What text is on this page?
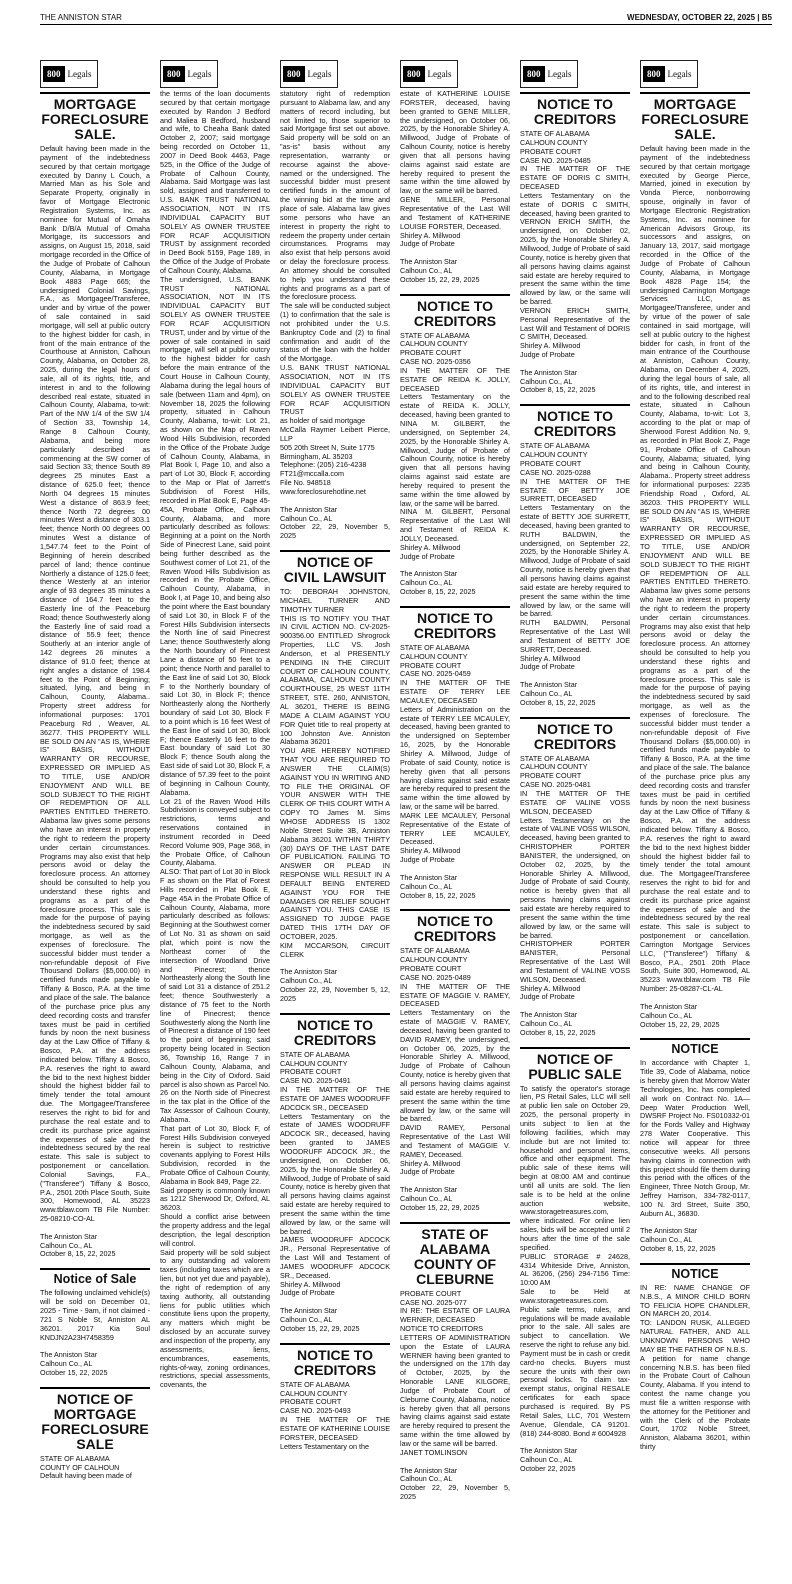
THE ANNISTON STAR	WEDNESDAY, OCTOBER 22, 2025 | B5
800 Legals	800 Legals	800 Legals	800 Legals	800 Legals	800 Legals
MORTGAGE FORECLOSURE SALE.
Default having been made in the payment of the indebtedness secured by that certain mortgage executed by Danny L Couch, a Married Man as his Sole and Separate Property, originally in favor of Mortgage Electronic Registration Systems, Inc. as nominee for Mutual of Omaha Bank D/B/A Mutual of Omaha Mortgage, its successors and assigns, on August 15, 2018, said mortgage recorded in the Office of the Judge of Probate of Calhoun County, Alabama, in Mortgage Book 4883 Page 665; the undersigned Colonial Savings, F.A., as Mortgagee/Transferee, under and by virtue of the power of sale contained in said mortgage, will sell at public outcry to the highest bidder for cash, in front of the main entrance of the Courthouse at Anniston, Calhoun County, Alabama, on October 28, 2025, during the legal hours of sale, all of its rights, title, and interest in and to the following described real estate, situated in Calhoun County, Alabama, to-wit: Part of the NW 1/4 of the SW 1/4 of Section 33, Township 14, Range 8 Calhoun County, Alabama, and being more particularly described as commencing at the SW corner of said Section 33; thence South 89 degrees 25 minutes East a distance of 625.0 feet; thence North 04 degrees 15 minutes West a distance of 863.9 feet; thence North 72 degrees 00 minutes West a distance of 303.1 feet; thence North 00 degrees 00 minutes West a distance of 1,547.74 feet to the Point of Beginning of herein described parcel of land; thence continue Northerly a distance of 125.0 feet; thence Westerly at an interior angle of 93 degrees 35 minutes a distance of 164.7 feet to the Easterly line of the Peaceburg Road; thence Southwesterly along the Easterly line of said road a distance of 55.9 feet; thence Southerly at an interior angle of 142 degrees 26 minutes a distance of 91.0 feet; thence at right angles a distance of 198.4 feet to the Point of Beginning; situated, lying, and being in Calhoun, County, Alabama.. Property street address for informational purposes: 1701 Peaceburg Rd , Weaver, AL 36277. THIS PROPERTY WILL BE SOLD ON AN "AS IS, WHERE IS" BASIS, WITHOUT WARRANTY OR RECOURSE, EXPRESSED OR IMPLIED AS TO TITLE, USE AND/OR ENJOYMENT AND WILL BE SOLD SUBJECT TO THE RIGHT OF REDEMPTION OF ALL PARTIES ENTITLED THERETO. Alabama law gives some persons who have an interest in property the right to redeem the property under certain circumstances. Programs may also exist that help persons avoid or delay the foreclosure process. An attorney should be consulted to help you understand these rights and programs as a part of the foreclosure process. This sale is made for the purpose of paying the indebtedness secured by said mortgage, as well as the expenses of foreclosure. The successful bidder must tender a non-refundable deposit of Five Thousand Dollars ($5,000.00) in certified funds made payable to Tiffany & Bosco, P.A. at the time and place of the sale. The balance of the purchase price plus any deed recording costs and transfer taxes must be paid in certified funds by noon the next business day at the Law Office of Tiffany & Bosco, P.A. at the address indicated below. Tiffany & Bosco, P.A. reserves the right to award the bid to the next highest bidder should the highest bidder fail to timely tender the total amount due. The Mortgagee/Transferee reserves the right to bid for and purchase the real estate and to credit its purchase price against the expenses of sale and the indebtedness secured by the real estate. This sale is subject to postponement or cancellation. Colonial Savings, F.A., ("Transferee") Tiffany & Bosco, P.A., 2501 20th Place South, Suite 300, Homewood, AL 35223 www.tblaw.com TB File Number: 25-08210-CO-AL

The Anniston Star
Calhoun Co., AL
October 8, 15, 22, 2025
Notice of Sale
The following unclaimed vehicle(s) will be sold on December 01, 2025 - Time - 9am, if not claimed - 721 S Noble St, Anniston AL 36201. 2017 Kia Soul KNDJN2A23H7458359

The Anniston Star
Calhoun Co., AL
October 15, 22, 2025
NOTICE OF MORTGAGE FORECLOSURE SALE
STATE OF ALABAMA
COUNTY OF CALHOUN
Default having been made of
the terms of the loan documents secured by that certain mortgage executed by Randon J Bedford and Maliea B Bedford, husband and wife, to Cheaha Bank dated October 2, 2007; said mortgage being recorded on October 11, 2007 in Deed Book 4463, Page 525, in the Office of the Judge of Probate of Calhoun County, Alabama. Said Mortgage was last sold, assigned and transferred to U.S. BANK TRUST NATIONAL ASSOCIATION, NOT IN ITS INDIVIDUAL CAPACITY BUT SOLELY AS OWNER TRUSTEE FOR RCAF ACQUISITION TRUST by assignment recorded in Deed Book 5159, Page 189, in the Office of the Judge of Probate of Calhoun County, Alabama.
The undersigned, U.S. BANK TRUST NATIONAL ASSOCIATION, NOT IN ITS INDIVIDUAL CAPACITY BUT SOLELY AS OWNER TRUSTEE FOR RCAF ACQUISITION TRUST, under and by virtue of the power of sale contained in said mortgage, will sell at public outcry to the highest bidder for cash before the main entrance of the Court House in Calhoun County, Alabama during the legal hours of sale (between 11am and 4pm), on November 18, 2025 the following property, situated in Calhoun County, Alabama, to-wit: Lot 21, as shown on the Map of Raven Wood Hills Subdivision, recorded in the Office of the Probate Judge of Calhoun County, Alabama, in Plat Book I, Page 10, and also a part of Lot 30, Block F, according to the Map or Plat of Jarrett's Subdivision of Forest Hills, recorded in Plat Book E, Page 45-45A, Probate Office, Calhoun County, Alabama, and more particularly described as follows: Beginning at a point on the North Side of Pinecrest Lane, said point being further described as the Southwest corner of Lot 21, of the Raven Wood Hills Subdivision as recorded in the Probate Office, Calhoun County, Alabama, in Book I, at Page 10, and being also the point where the East boundary of said Lot 30, in Block F of the Forest Hills Subdivision intersects the North line of said Pinecrest Lane; thence Southwesterly along the North boundary of Pinecrest Lane a distance of 50 feet to a point; thence North and parallel to the East line of said Lot 30, Block F to the Northerly boundary of said Lot 30, in Block F; thence Northeasterly along the Northerly boundary of said Lot 30, Block F to a point which is 16 feet West of the East line of said Lot 30, Block F; thence Easterly 16 feet to the East boundary of said Lot 30 Block F; thence South along the East side of said Lot 30, Block F, a distance of 57.39 feet to the point of beginning in Calhoun County, Alabama.
Lot 21 of the Raven Wood Hills Subdivision is conveyed subject to restrictions, terms and reservations contained in instrument recorded in Deed Record Volume 909, Page 368, in the Probate Office, of Calhoun County, Alabama.
ALSO: That part of Lot 30 in Block F as shown on the Plat of Forest Hills recorded in Plat Book E, Page 45A in the Probate Office of Calhoun County, Alabama, more particularly described as follows: Beginning at the Southwest corner of Lot No. 31 as shown on said plat, which point is now the Northeast corner of the intersection of Woodland Drive and Pinecrest; thence Northeasterly along the South line of said Lot 31 a distance of 251.2 feet; thence Southwesterly a distance of 75 feet to the North line of Pinecrest; thence Southwesterly along the North line of Pinecrest a distance of 190 feet to the point of beginning; said property being located in Section 36, Township 16, Range 7 in Calhoun County, Alabama, and being in the City of Oxford. Said parcel is also shown as Parcel No. 26 on the North side of Pinecrest in the tax plat in the Office of the Tax Assessor of Calhoun County, Alabama.
That part of Lot 30, Block F, of Forest Hills Subdivision conveyed herein is subject to restrictive covenants applying to Forest Hills Subdivision, recorded in the Probate Office of Calhoun County, Alabama in Book 849, Page 22.
Said property is commonly known as 1212 Sherwood Dr, Oxford, AL 36203.
Should a conflict arise between the property address and the legal description, the legal description will control.
Said property will be sold subject to any outstanding ad valorem taxes (including taxes which are a lien, but not yet due and payable), the right of redemption of any taxing authority, all outstanding liens for public utilities which constitute liens upon the property, any matters which might be disclosed by an accurate survey and inspection of the property, any assessments, liens, encumbrances, easements, rights-of-way, zoning ordinances, restrictions, special assessments, covenants, the
statutory right of redemption pursuant to Alabama law, and any matters of record including, but not limited to, those superior to said Mortgage first set out above. Said property will be sold on an "as-is" basis without any representation, warranty or recourse against the above-named or the undersigned. The successful bidder must present certified funds in the amount of the winning bid at the time and place of sale. Alabama law gives some persons who have an interest in property the right to redeem the property under certain circumstances. Programs may also exist that help persons avoid or delay the foreclosure process. An attorney should be consulted to help you understand these rights and programs as a part of the foreclosure process.
The sale will be conducted subject (1) to confirmation that the sale is not prohibited under the U.S. Bankruptcy Code and (2) to final confirmation and audit of the status of the loan with the holder of the Mortgage.
U.S. BANK TRUST NATIONAL ASSOCIATION, NOT IN ITS INDIVIDUAL CAPACITY BUT SOLELY AS OWNER TRUSTEE FOR RCAF ACQUISITION TRUST
as holder of said mortgage
McCalla Raymer Leibert Pierce, LLP
505 20th Street N, Suite 1775
Birmingham, AL 35203
Telephone: (205) 216-4238
FT21@mccalla.com
File No. 948518
www.foreclosurehotline.net

The Anniston Star
Calhoun Co., AL
October 22, 29, November 5, 2025
NOTICE OF CIVIL LAWSUIT
TO: DEBORAH JOHNSTON, MICHAEL TURNER AND TIMOTHY TURNER
THIS IS TO NOTIFY YOU THAT IN CIVIL ACTION NO. CV-2025-900356.00 ENTITLED Shrogrock Properties, LLC VS. Josh Anderson, et al PRESENTLY PENDING IN THE CIRCUIT COURT OF CALHOUN COUNTY, ALABAMA, CALHOUN COUNTY COURTHOUSE, 25 WEST 11TH STREET, STE. 260, ANNISTON, AL 36201, THERE IS BEING MADE A CLAIM AGAINST YOU FOR Quiet title to real property at 100 Johnston Ave. Anniston Alabama 36201
YOU ARE HEREBY NOTIFIED THAT YOU ARE REQUIRED TO ANSWER THE CLAIM(S) AGAINST YOU IN WRITING AND TO FILE THE ORIGINAL OF YOUR ANSWER WITH THE CLERK OF THIS COURT WITH A COPY TO James M. Sims WHOSE ADDRESS IS 1302 Noble Street Suite 3B, Anniston Alabama 36201 WITHIN THIRTY (30) DAYS OF THE LAST DATE OF PUBLICATION. FAILING TO ANSWER OR PLEAD IN RESPONSE WILL RESULT IN A DEFAULT BEING ENTERED AGAINST YOU FOR THE DAMAGES OR RELIEF SOUGHT AGAINST YOU. THIS CASE IS ASSIGNED TO JUDGE PAGE DATED THIS 17TH DAY OF OCTOBER, 2025.
KIM MCCARSON, CIRCUIT CLERK

The Anniston Star
Calhoun Co., AL
October 22, 29, November 5, 12, 2025
NOTICE TO CREDITORS
STATE OF ALABAMA
CALHOUN COUNTY
PROBATE COURT
CASE NO. 2025-0491
IN THE MATTER OF THE ESTATE OF JAMES WOODRUFF ADCOCK SR., DECEASED
Letters Testamentary on the estate of JAMES WOODRUFF ADCOCK SR., deceased, having been granted to JAMES WOODRUFF ADCOCK JR., the undersigned, on October 06, 2025, by the Honorable Shirley A. Millwood, Judge of Probate of said County, notice is hereby given that all persons having claims against said estate are hereby required to present the same within the time allowed by law, or the same will be barred.
JAMES WOODRUFF ADCOCK JR., Personal Representative of the Last Will and Testament of JAMES WOODRUFF ADCOCK SR., Deceased.
Shirley A. Millwood
Judge of Probate

The Anniston Star
Calhoun Co., AL
October 15, 22, 29, 2025
NOTICE TO CREDITORS
STATE OF ALABAMA
CALHOUN COUNTY
PROBATE COURT
CASE NO. 2025-0493
IN THE MATTER OF THE ESTATE OF KATHERINE LOUISE FORSTER, DECEASED
Letters Testamentary on the
estate of KATHERINE LOUISE FORSTER, deceased, having been granted to GENE MILLER, the undersigned, on October 06, 2025, by the Honorable Shirley A. Millwood, Judge of Probate of Calhoun County, notice is hereby given that all persons having claims against said estate are hereby required to present the same within the time allowed by law, or the same will be barred.
GENE MILLER, Personal Representative of the Last Will and Testament of KATHERINE LOUISE FORSTER, Deceased.
Shirley A. Millwood
Judge of Probate

The Anniston Star
Calhoun Co., AL
October 15, 22, 29, 2025
NOTICE TO CREDITORS
STATE OF ALABAMA
CALHOUN COUNTY
PROBATE COURT
CASE NO. 2025-0356
IN THE MATTER OF THE ESTATE OF REIDA K. JOLLY, DECEASED
Letters Testamentary on the estate of REIDA K. JOLLY, deceased, having been granted to NINA M. GILBERT, the undersigned, on September 24, 2025, by the Honorable Shirley A. Millwood, Judge of Probate of Calhoun County, notice is hereby given that all persons having claims against said estate are hereby required to present the same within the time allowed by law, or the same will be barred.
NINA M. GILBERT, Personal Representative of the Last Will and Testament of REIDA K. JOLLY, Deceased.
Shirley A. Millwood
Judge of Probate

The Anniston Star
Calhoun Co., AL
October 8, 15, 22, 2025
NOTICE TO CREDITORS
STATE OF ALABAMA
CALHOUN COUNTY
PROBATE COURT
CASE NO. 2025-0459
IN THE MATTER OF THE ESTATE OF TERRY LEE MCAULEY, DECEASED
Letters of Administration on the estate of TERRY LEE MCAULEY, deceased, having been granted to the undersigned on September 16, 2025, by the Honorable Shirley A. Millwood, Judge of Probate of said County, notice is hereby given that all persons having claims against said estate are hereby required to present the same within the time allowed by law, or the same will be barred.
MARK LEE MCAULEY, Personal Representative of the Estate of TERRY LEE MCAULEY, Deceased.
Shirley A. Millwood
Judge of Probate

The Anniston Star
Calhoun Co., AL
October 8, 15, 22, 2025
NOTICE TO CREDITORS
STATE OF ALABAMA
CALHOUN COUNTY
PROBATE COURT
CASE NO. 2025-0489
IN THE MATTER OF THE ESTATE OF MAGGIE V. RAMEY, DECEASED
Letters Testamentary on the estate of MAGGIE V. RAMEY, deceased, having been granted to DAVID RAMEY, the undersigned, on October 06, 2025, by the Honorable Shirley A. Millwood, Judge of Probate of Calhoun County, notice is hereby given that all persons having claims against said estate are hereby required to present the same within the time allowed by law, or the same will be barred.
DAVID RAMEY, Personal Representative of the Last Will and Testament of MAGGIE V. RAMEY, Deceased.
Shirley A. Millwood
Judge of Probate

The Anniston Star
Calhoun Co., AL
October 15, 22, 29, 2025
STATE OF ALABAMA COUNTY OF CLEBURNE
PROBATE COURT
CASE NO. 2025-077
IN RE: THE ESTATE OF LAURA WERNER, DECEASED
NOTICE TO CREDITORS
LETTERS OF ADMINISTRATION upon the Estate of LAURA WERNER having been granted to the undersigned on the 17th day of October, 2025, by the Honorable LANE KILGORE, Judge of Probate Court of Cleburne County, Alabama, notice is hereby given that all persons having claims against said estate are hereby required to present the same within the time allowed by law or the same will be barred.
JANET TOMLINSON

The Anniston Star
Calhoun Co., AL
October 22, 29, November 5, 2025
NOTICE TO CREDITORS
STATE OF ALABAMA
CALHOUN COUNTY
PROBATE COURT
CASE NO. 2025-0485
IN THE MATTER OF THE ESTATE OF DORIS C SMITH, DECEASED
Letters Testamentary on the estate of DORIS C SMITH, deceased, having been granted to VERNON ERICH SMITH, the undersigned, on October 02, 2025, by the Honorable Shirley A. Millwood, Judge of Probate of said County, notice is hereby given that all persons having claims against said estate are hereby required to present the same within the time allowed by law, or the same will be barred.
VERNON ERICH SMITH, Personal Representative of the Last Will and Testament of DORIS C SMITH, Deceased.
Shirley A. Millwood
Judge of Probate

The Anniston Star
Calhoun Co., AL
October 8, 15, 22, 2025
NOTICE TO CREDITORS
STATE OF ALABAMA
CALHOUN COUNTY
PROBATE COURT
CASE NO. 2025-0288
IN THE MATTER OF THE ESTATE OF BETTY JOE SURRETT, DECEASED
Letters Testamentary on the estate of BETTY JOE SURRETT, deceased, having been granted to RUTH BALDWIN, the undersigned, on September 22, 2025, by the Honorable Shirley A. Millwood, Judge of Probate of said County, notice is hereby given that all persons having claims against said estate are hereby required to present the same within the time allowed by law, or the same will be barred.
RUTH BALDWIN, Personal Representative of the Last Will and Testament of BETTY JOE SURRETT, Deceased.
Shirley A. Millwood
Judge of Probate

The Anniston Star
Calhoun Co., AL
October 8, 15, 22, 2025
NOTICE TO CREDITORS
STATE OF ALABAMA
CALHOUN COUNTY
PROBATE COURT
CASE NO. 2025-0481
IN THE MATTER OF THE ESTATE OF VALINE VOSS WILSON, DECEASED
Letters Testamentary on the estate of VALINE VOSS WILSON, deceased, having been granted to CHRISTOPHER PORTER BANISTER, the undersigned, on October 02, 2025, by the Honorable Shirley A. Millwood, Judge of Probate of said County, notice is hereby given that all persons having claims against said estate are hereby required to present the same within the time allowed by law, or the same will be barred.
CHRISTOPHER PORTER BANISTER, Personal Representative of the Last Will and Testament of VALINE VOSS WILSON, Deceased.
Shirley A. Millwood
Judge of Probate

The Anniston Star
Calhoun Co., AL
October 8, 15, 22, 2025
NOTICE OF PUBLIC SALE
To satisfy the operator's storage lien, PS Retail Sales, LLC will sell at public lien sale on October 29, 2025, the personal property in units subject to lien at the following facilities, which may include but are not limited to: household and personal items, office and other equipment. The public sale of these items will begin at 08:00 AM and continue until all units are sold. The lien sale is to be held at the online auction website, www.storagetreasures.com, where indicated. For online lien sales, bids will be accepted until 2 hours after the time of the sale specified.
PUBLIC STORAGE # 24628, 4314 Whiteside Drive, Anniston, AL 36206, (256) 294-7156 Time: 10:00 AM
Sale to be Held at www.storagetreasures.com.
Public sale terms, rules, and regulations will be made available prior to the sale. All sales are subject to cancellation. We reserve the right to refuse any bid. Payment must be in cash or credit card-no checks. Buyers must secure the units with their own personal locks. To claim tax-exempt status, original RESALE certificates for each space purchased is required. By PS Retail Sales, LLC, 701 Western Avenue, Glendale, CA 91201. (818) 244-8080. Bond # 6004928

The Anniston Star
Calhoun Co., AL
October 22, 2025
MORTGAGE FORECLOSURE SALE.
Default having been made in the payment of the indebtedness secured by that certain mortgage executed by George Pierce, Married, joined in execution by Vonda Pierce, nonborrowing spouse, originally in favor of Mortgage Electronic Registration Systems, Inc. as nominee for American Advisors Group, its successors and assigns, on January 13, 2017, said mortgage recorded in the Office of the Judge of Probate of Calhoun County, Alabama, in Mortgage Book 4828 Page 154; the undersigned Carrington Mortgage Services LLC, as Mortgagee/Transferee, under and by virtue of the power of sale contained in said mortgage, will sell at public outcry to the highest bidder for cash, in front of the main entrance of the Courthouse at Anniston, Calhoun County, Alabama, on December 4, 2025, during the legal hours of sale, all of its rights, title, and interest in and to the following described real estate, situated in Calhoun County, Alabama, to-wit: Lot 3, according to the plat or map of Sherwood Forest Addition No. 9, as recorded in Plat Book Z, Page 91, Probate Office of Calhoun County, Alabama; situated, lying and being in Calhoun County, Alabama.. Property street address for informational purposes: 2235 Friendship Road , Oxford, AL 36203. THIS PROPERTY WILL BE SOLD ON AN "AS IS, WHERE IS" BASIS, WITHOUT WARRANTY OR RECOURSE, EXPRESSED OR IMPLIED AS TO TITLE, USE AND/OR ENJOYMENT AND WILL BE SOLD SUBJECT TO THE RIGHT OF REDEMPTION OF ALL PARTIES ENTITLED THERETO. Alabama law gives some persons who have an interest in property the right to redeem the property under certain circumstances. Programs may also exist that help persons avoid or delay the foreclosure process. An attorney should be consulted to help you understand these rights and programs as a part of the foreclosure process. This sale is made for the purpose of paying the indebtedness secured by said mortgage, as well as the expenses of foreclosure. The successful bidder must tender a non-refundable deposit of Five Thousand Dollars ($5,000.00) in certified funds made payable to Tiffany & Bosco, P.A. at the time and place of the sale. The balance of the purchase price plus any deed recording costs and transfer taxes must be paid in certified funds by noon the next business day at the Law Office of Tiffany & Bosco, P.A. at the address indicated below. Tiffany & Bosco, P.A. reserves the right to award the bid to the next highest bidder should the highest bidder fail to timely tender the total amount due. The Mortgagee/Transferee reserves the right to bid for and purchase the real estate and to credit its purchase price against the expenses of sale and the indebtedness secured by the real estate. This sale is subject to postponement or cancellation. Carrington Mortgage Services LLC, ("Transferee") Tiffany & Bosco, P.A., 2501 20th Place South, Suite 300, Homewood, AL 35223 www.tblaw.com TB File Number: 25-08287-CL-AL

The Anniston Star
Calhoun Co., AL
October 15, 22, 29, 2025
NOTICE
In accordance with Chapter 1, Title 39, Code of Alabama, notice is hereby given that Morrow Water Technologies, Inc. has completed all work on Contract No. 1A—Deep Water Production Well, DWSRF Project No. FS010332-01 for the Fords Valley and Highway 278 Water Cooperative. This notice will appear for three consecutive weeks. All persons having claims in connection with this project should file them during this period with the offices of the Engineer, Three Notch Group, Mr. Jeffrey Harrison, 334-782-0117, 100 N. 3rd Street, Suite 350, Auburn AL, 36830.

The Anniston Star
Calhoun Co., AL
October 8, 15, 22, 2025
NOTICE
IN RE: NAME CHANGE OF N.B.S., A MINOR CHILD BORN TO FELICIA HOPE CHANDLER, ON MARCH 20, 2014.
TO: LANDON RUSK, ALLEGED NATURAL FATHER, AND ALL UNKNOWN PERSONS WHO MAY BE THE FATHER OF N.B.S.
A petition for name change concerning N.B.S. has been filed in the Probate Court of Calhoun County, Alabama. If you intend to contest the name change you must file a written response with the attorney for the Petitioner and with the Clerk of the Probate Court, 1702 Noble Street, Anniston, Alabama 36201, within thirty
